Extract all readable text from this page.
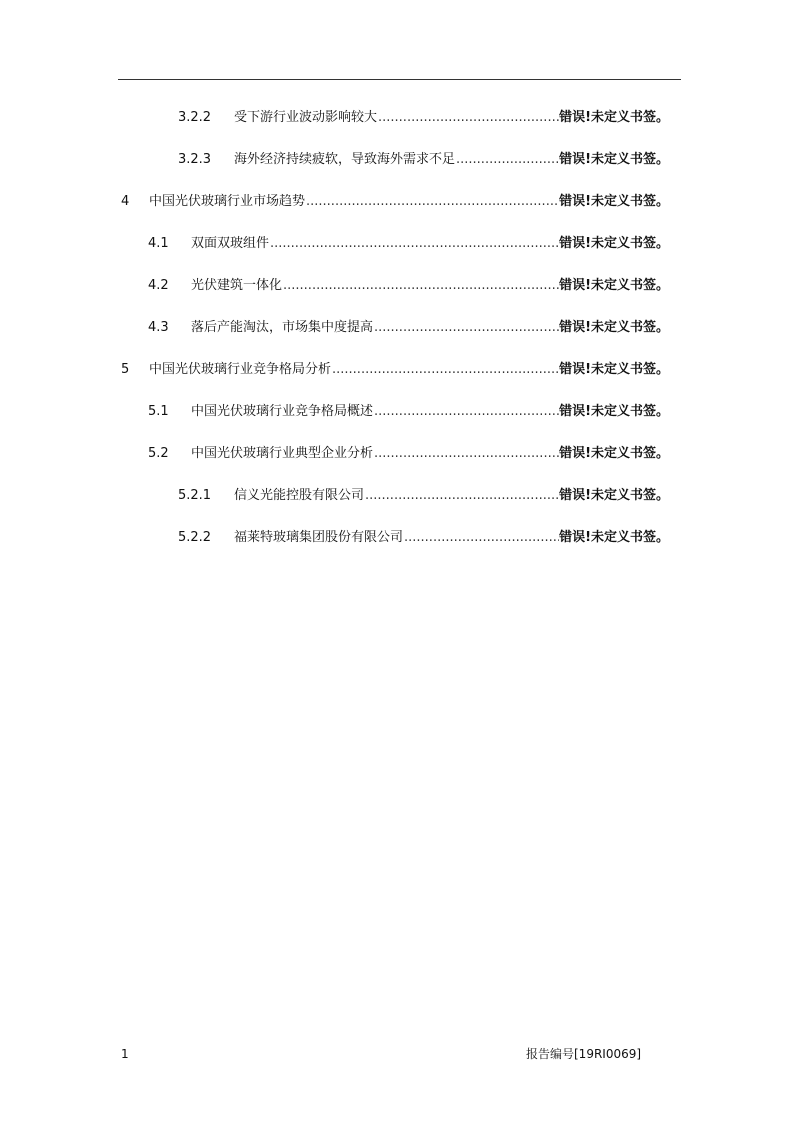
3.2.2 受下游行业波动影响较大 .....	错误!未定义书签。
3.2.3 海外经济持续疲软，导致海外需求不足 .....	错误!未定义书签。
4 中国光伏玻璃行业市场趋势 .....	错误!未定义书签。
4.1 双面双玻组件 .....	错误!未定义书签。
4.2 光伏建筑一体化 .....	错误!未定义书签。
4.3 落后产能淘汰，市场集中度提高 .....	错误!未定义书签。
5 中国光伏玻璃行业竞争格局分析 .....	错误!未定义书签。
5.1 中国光伏玻璃行业竞争格局概述 .....	错误!未定义书签。
5.2 中国光伏玻璃行业典型企业分析 .....	错误!未定义书签。
5.2.1 信义光能控股有限公司 .....	错误!未定义书签。
5.2.2 福莱特玻璃集团股份有限公司 .....	错误!未定义书签。
1	报告编号[19RI0069]
